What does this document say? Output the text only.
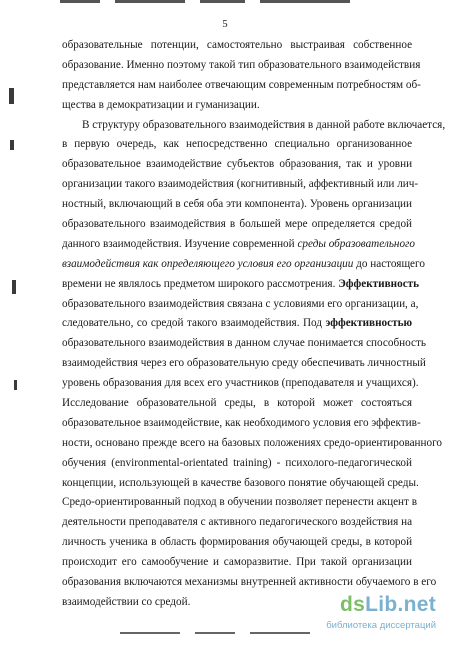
5
образовательные потенции, самостоятельно выстраивая собственное
образование. Именно поэтому такой тип образовательного взаимодействия
представляется нам наиболее отвечающим современным потребностям об-
щества в демократизации и гуманизации.
В структуру образовательного взаимодействия в данной работе включается,
в первую очередь, как непосредственно специально организованное
образовательное взаимодействие субъектов образования, так и уровни
организации такого взаимодействия (когнитивный, аффективный или лич-
ностный, включающий в себя оба эти компонента). Уровень организации
образовательного взаимодействия в большей мере определяется средой
данного взаимодействия. Изучение современной среды образовательного
взаимодействия как определяющего условия его организации до настоящего
времени не являлось предметом широкого рассмотрения. Эффективность
образовательного взаимодействия связана с условиями его организации, а,
следовательно, со средой такого взаимодействия. Под эффективностью
образовательного взаимодействия в данном случае понимается способность
взаимодействия через его образовательную среду обеспечивать личностный
уровень образования для всех его участников (преподавателя и учащихся).
Исследование образовательной среды, в которой может состояться
образовательное взаимодействие, как необходимого условия его эффектив-
ности, основано прежде всего на базовых положениях средо-ориентированного
обучения (environmental-orientated training) - психолого-педагогической
концепции, использующей в качестве базового понятие обучающей среды.
Средо-ориентированный подход в обучении позволяет перенести акцент в
деятельности преподавателя с активного педагогического воздействия на
личность ученика в область формирования обучающей среды, в которой
происходит его самообучение и саморазвитие. При такой организации
образования включаются механизмы внутренней активности обучаемого в его
взаимодействии со средой.	dsLib.net
библиотека диссертаций
